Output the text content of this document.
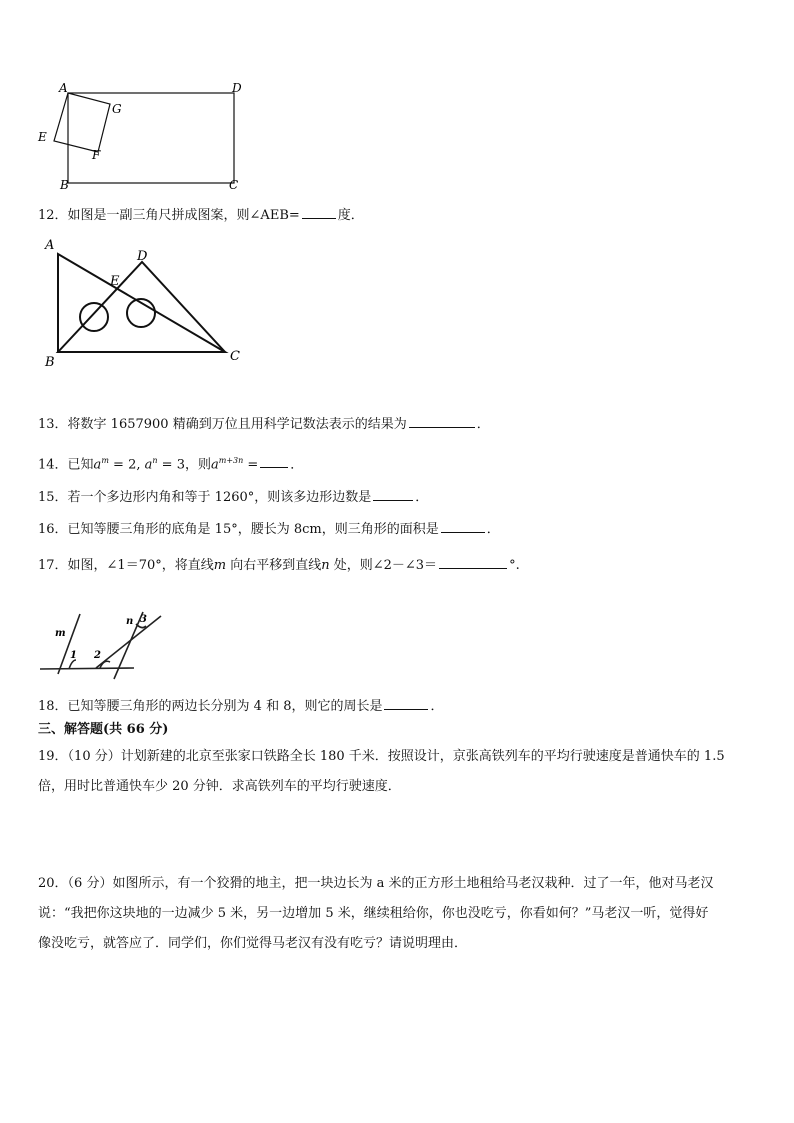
A	D
E
G
F
B	C
12．如图是一副三角尺拼成图案，则∠AEB=	度．
A
D
E
B	C
13．将数字 1657900 精确到万位且用科学记数法表示的结果为	．
14．已知$a^m = 2$, $a^n = 3$，则$a^{m+3n}$ = ．
15．若一个多边形内角和等于 1260°，则该多边形边数是	．
16．已知等腰三角形的底角是 15°，腰长为 8cm，则三角形的面积是	．
17．如图，∠1＝70°，将直线m 向右平移到直线n 处，则∠2－∠3＝	°.
m
n 3
1 2
18．已知等腰三角形的两边长分别为 4 和 8，则它的周长是	．
三、解答题(共 66 分)
19．（10 分）计划新建的北京至张家口铁路全长 180 千米．按照设计，京张高铁列车的平均行驶速度是普通快车的 1.5
倍，用时比普通快车少 20 分钟．求高铁列车的平均行驶速度．
20．（6 分）如图所示，有一个狡猾的地主，把一块边长为 a 米的正方形土地租给马老汉栽种．过了一年，他对马老汉
说：“我把你这块地的一边减少 5 米，另一边增加 5 米，继续租给你，你也没吃亏，你看如何？”马老汉一听，觉得好
像没吃亏，就答应了．同学们，你们觉得马老汉有没有吃亏？请说明理由．
